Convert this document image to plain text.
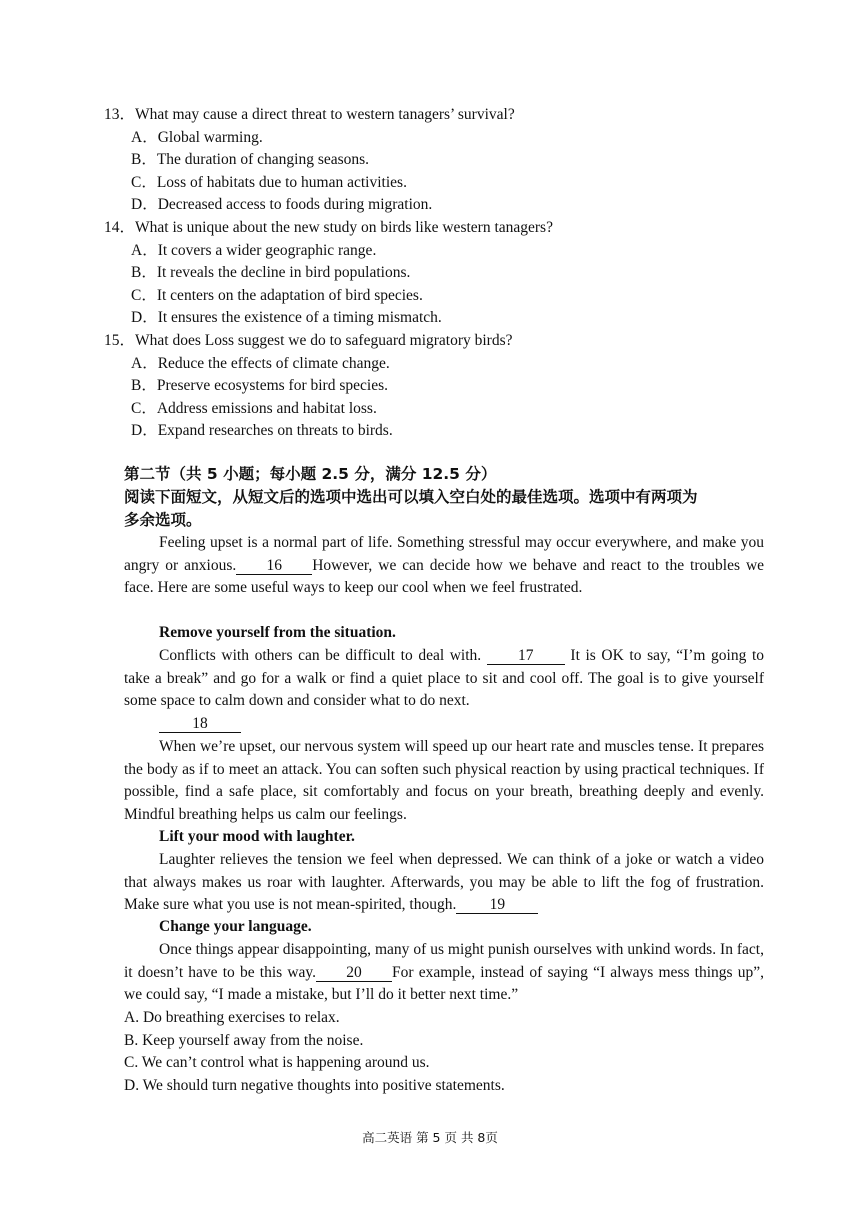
13．What may cause a direct threat to western tanagers’ survival?
A．Global warming.
B．The duration of changing seasons.
C．Loss of habitats due to human activities.
D．Decreased access to foods during migration.
14．What is unique about the new study on birds like western tanagers?
A．It covers a wider geographic range.
B．It reveals the decline in bird populations.
C．It centers on the adaptation of bird species.
D．It ensures the existence of a timing mismatch.
15．What does Loss suggest we do to safeguard migratory birds?
A．Reduce the effects of climate change.
B．Preserve ecosystems for bird species.
C．Address emissions and habitat loss.
D．Expand researches on threats to birds.
第二节（共 5 小题；每小题 2.5 分，满分 12.5 分）
阅读下面短文，从短文后的选项中选出可以填入空白处的最佳选项。选项中有两项为
多余选项。
Feeling upset is a normal part of life. Something stressful may occur everywhere, and make you angry or anxious. 16 However, we can decide how we behave and react to the troubles we face. Here are some useful ways to keep our cool when we feel frustrated.
Remove yourself from the situation.
Conflicts with others can be difficult to deal with. 17 It is OK to say, “I’m going to take a break” and go for a walk or find a quiet place to sit and cool off. The goal is to give yourself some space to calm down and consider what to do next.
18
When we’re upset, our nervous system will speed up our heart rate and muscles tense. It prepares the body as if to meet an attack. You can soften such physical reaction by using practical techniques. If possible, find a safe place, sit comfortably and focus on your breath, breathing deeply and evenly. Mindful breathing helps us calm our feelings.
Lift your mood with laughter.
Laughter relieves the tension we feel when depressed. We can think of a joke or watch a video that always makes us roar with laughter. Afterwards, you may be able to lift the fog of frustration. Make sure what you use is not mean-spirited, though. 19
Change your language.
Once things appear disappointing, many of us might punish ourselves with unkind words. In fact, it doesn’t have to be this way. 20 For example, instead of saying “I always mess things up”, we could say, “I made a mistake, but I’ll do it better next time.”
A. Do breathing exercises to relax.
B. Keep yourself away from the noise.
C. We can’t control what is happening around us.
D. We should turn negative thoughts into positive statements.
高二英语 第 5 页 共 8页
